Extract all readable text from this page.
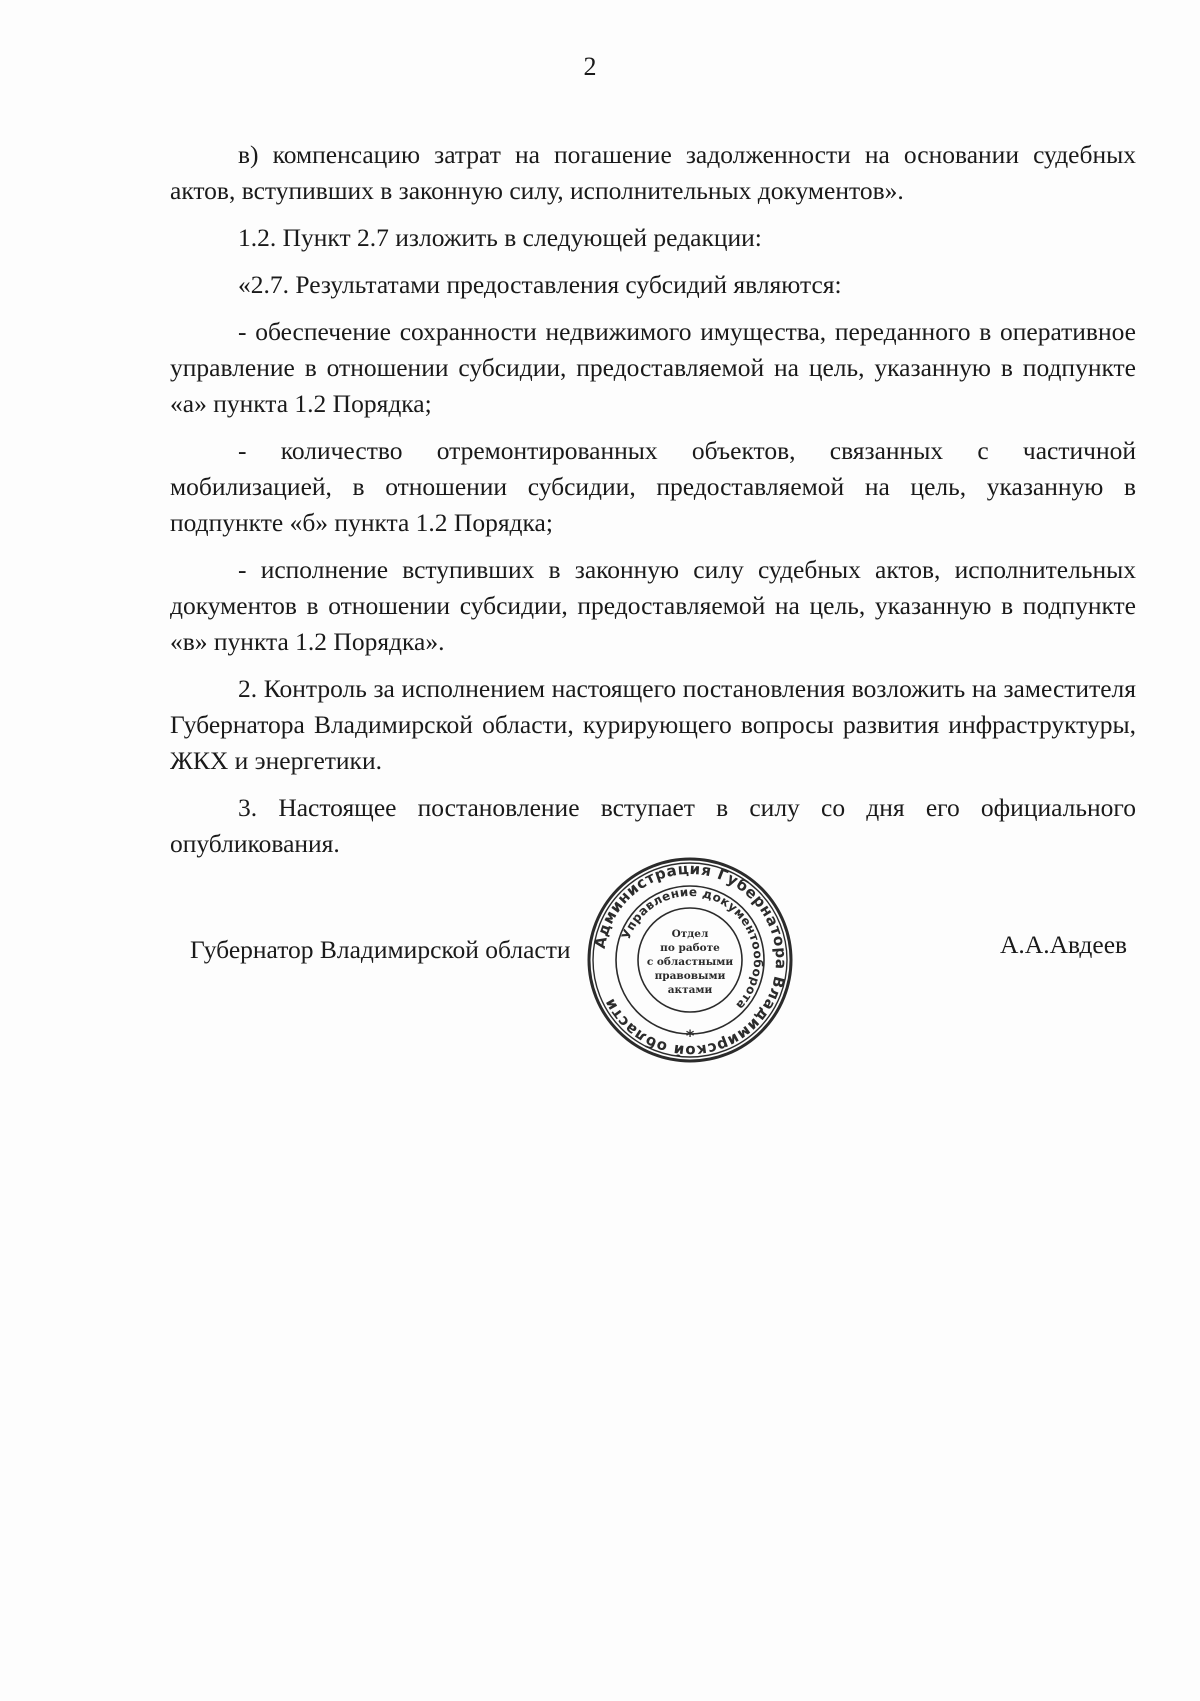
2

в) компенсацию затрат на погашение задолженности на основании судебных актов, вступивших в законную силу, исполнительных документов».

1.2. Пункт 2.7 изложить в следующей редакции:

«2.7. Результатами предоставления субсидий являются:

- обеспечение сохранности недвижимого имущества, переданного в оперативное управление в отношении субсидии, предоставляемой на цель, указанную в подпункте «а» пункта 1.2 Порядка;

- количество отремонтированных объектов, связанных с частичной мобилизацией, в отношении субсидии, предоставляемой на цель, указанную в подпункте «б» пункта 1.2 Порядка;

- исполнение вступивших в законную силу судебных актов, исполнительных документов в отношении субсидии, предоставляемой на цель, указанную в подпункте «в» пункта 1.2 Порядка».

2. Контроль за исполнением настоящего постановления возложить на заместителя Губернатора Владимирской области, курирующего вопросы развития инфраструктуры, ЖКХ и энергетики.

3. Настоящее постановление вступает в силу со дня его официального опубликования.

Губернатор Владимирской области	А.А.Авдеев
Администрация Губернатора Владимирской области
Управление документооборота
Отдел
по работе
с областными
правовыми
актами
*
